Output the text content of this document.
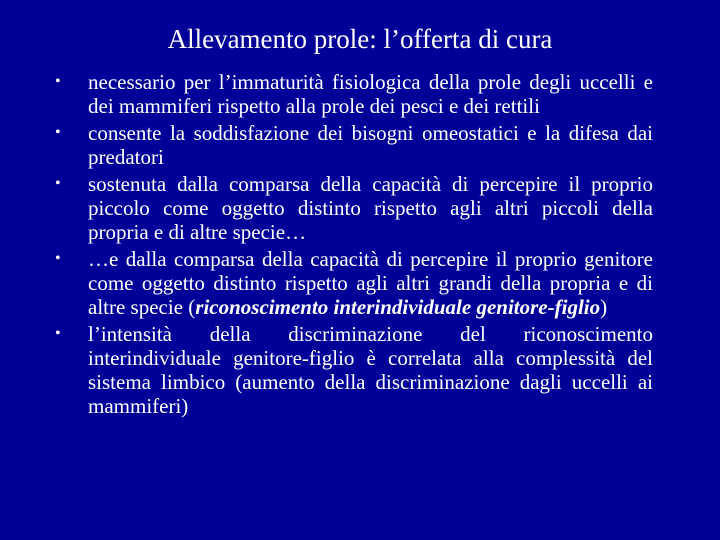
Allevamento prole: l’offerta di cura
• necessario per l’immaturità fisiologica della prole degli uccelli e dei mammiferi rispetto alla prole dei pesci e dei rettili
• consente la soddisfazione dei bisogni omeostatici e la difesa dai predatori
• sostenuta dalla comparsa della capacità di percepire il proprio piccolo come oggetto distinto rispetto agli altri piccoli della propria e di altre specie…
• …e dalla comparsa della capacità di percepire il proprio genitore come oggetto distinto rispetto agli altri grandi della propria e di altre specie (riconoscimento interindividuale genitore-figlio)
• l’intensità della discriminazione del riconoscimento interindividuale genitore-figlio è correlata alla complessità del sistema limbico (aumento della discriminazione dagli uccelli ai mammiferi)
